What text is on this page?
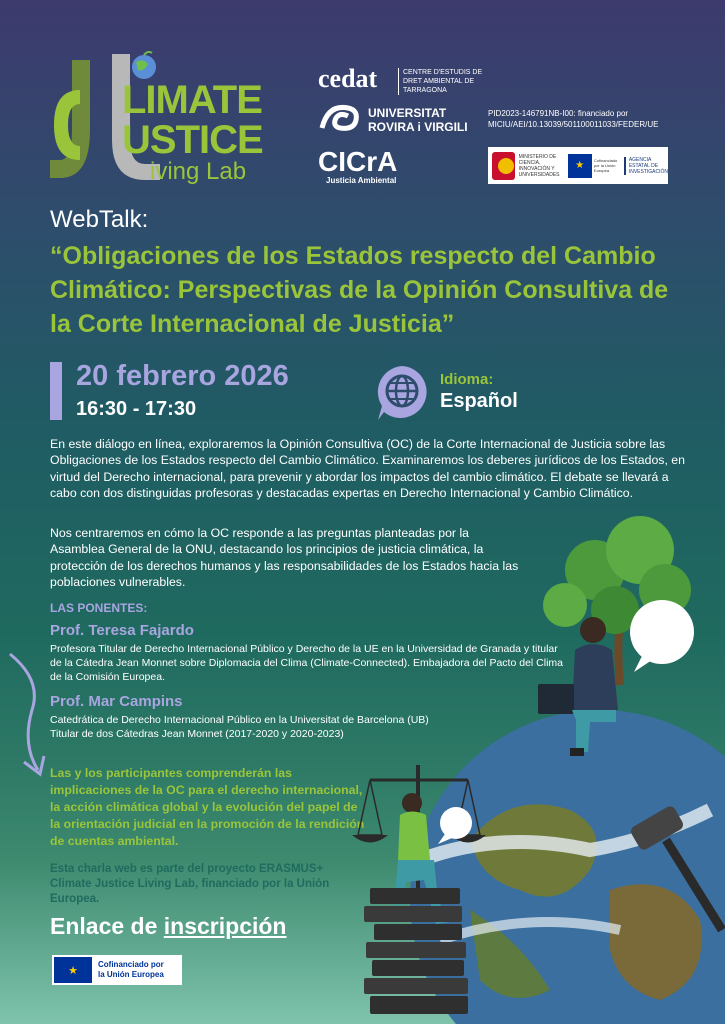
LIMATE
USTICE
iving Lab
cedat	CENTRE D'ESTUDIS DE DRET AMBIENTAL DE TARRAGONA
UNIVERSITAT
ROVIRA i VIRGILI
CICrA
Justicia Ambiental
PID2023-146791NB-I00: financiado por
MICIU/AEI/10.13039/501100011033/FEDER/UE
MINISTERIO DE CIENCIA, INNOVACIÓN Y UNIVERSIDADES
★	Cofinanciado por la Unión Europea
AGENCIA ESTATAL DE INVESTIGACIÓN
WebTalk:
“Obligaciones de los Estados respecto del Cambio Climático: Perspectivas de la Opinión Consultiva de la Corte Internacional de Justicia”
20 febrero 2026
16:30 - 17:30
Idioma:
Español
En este diálogo en línea, exploraremos la Opinión Consultiva (OC) de la Corte Internacional de Justicia sobre las Obligaciones de los Estados respecto del Cambio Climático. Examinaremos los deberes jurídicos de los Estados, en virtud del Derecho internacional, para prevenir y abordar los impactos del cambio climático. El debate se llevará a cabo con dos distinguidas profesoras y destacadas expertas en Derecho Internacional y Cambio Climático.
Nos centraremos en cómo la OC responde a las preguntas planteadas por la Asamblea General de la ONU, destacando los principios de justicia climática, la protección de los derechos humanos y las responsabilidades de los Estados hacia las poblaciones vulnerables.
LAS PONENTES:
Prof. Teresa Fajardo
Profesora Titular de Derecho Internacional Público y Derecho de la UE en la Universidad de Granada y titular de la Cátedra Jean Monnet sobre Diplomacia del Clima (Climate-Connected). Embajadora del Pacto del Clima de la Comisión Europea.
Prof. Mar Campins
Catedrática de Derecho Internacional Público en la Universitat de Barcelona (UB)
Titular de dos Cátedras Jean Monnet (2017-2020 y 2020-2023)
Las y los participantes comprenderán las implicaciones de la OC para el derecho internacional, la acción climática global y la evolución del papel de la orientación judicial en la promoción de la rendición de cuentas ambiental.
Esta charla web es parte del proyecto ERASMUS+ Climate Justice Living Lab, financiado por la Unión Europea.
Enlace de inscripción
★	Cofinanciado por
la Unión Europea
